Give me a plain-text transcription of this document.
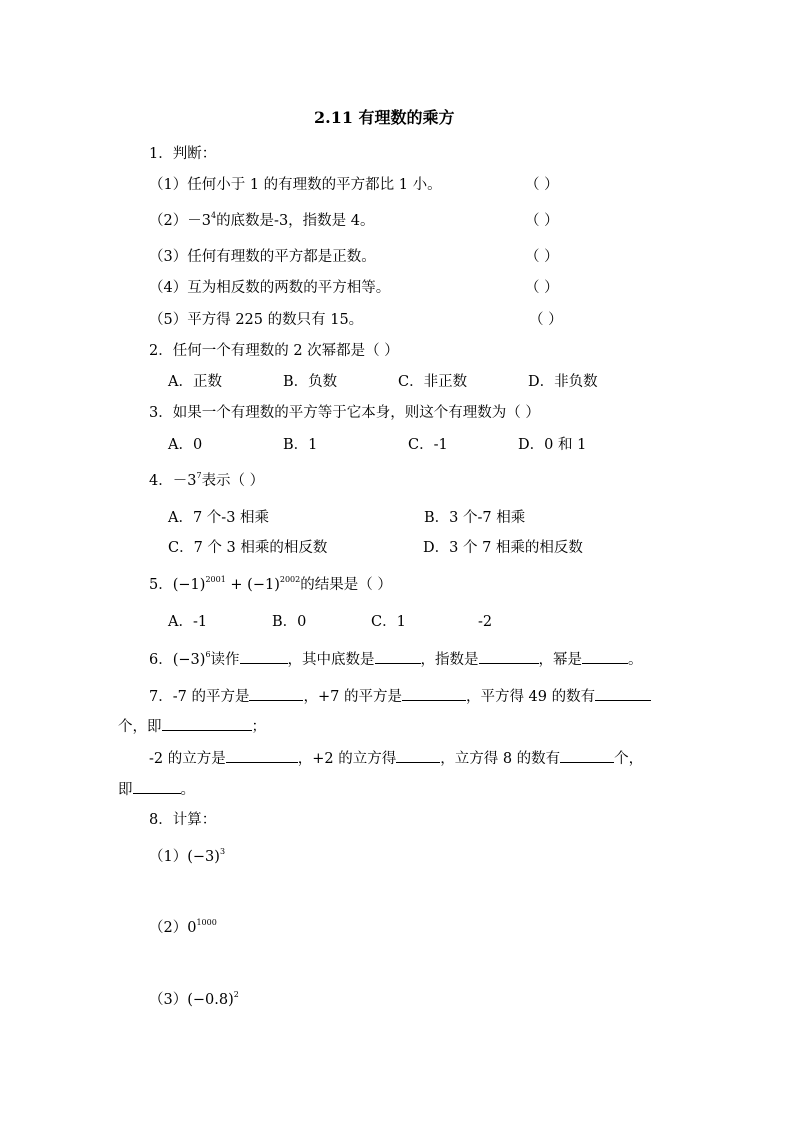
2.11 有理数的乘方
1．判断：
（1）任何小于 1 的有理数的平方都比 1 小。	（ ）
$(2)-3^4$的底数是-3，指数是 4。	（ ）
（3）任何有理数的平方都是正数。	（ ）
（4）互为相反数的两数的平方相等。	（ ）
（5）平方得 225 的数只有 15。	（ ）
2．任何一个有理数的 2 次幂都是（ ）
A．正数	B．负数	C．非正数	D．非负数
3．如果一个有理数的平方等于它本身，则这个有理数为（ ）
A．0	B．1	C．-1	D．0 和 1
4．$-3^7$表示（ ）
A．7 个-3 相乘	B．3 个-7 相乘
C．7 个 3 相乘的相反数	D．3 个 7 相乘的相反数
5．$(-1)^{2001} + (-1)^{2002}$的结果是（ ）
A．-1	B．0	C．1	-2
6．$(-3)^6$读作	，其中底数是	，指数是	，幂是	。
7．-7 的平方是	，+7 的平方是	，平方得 49 的数有
个，即	；
-2 的立方是	，+2 的立方得	，立方得 8 的数有	个，
即	。
8．计算：
$(1)(-3)^3$
$(2)0^{1000}$
$(3)(-0.8)^2$
